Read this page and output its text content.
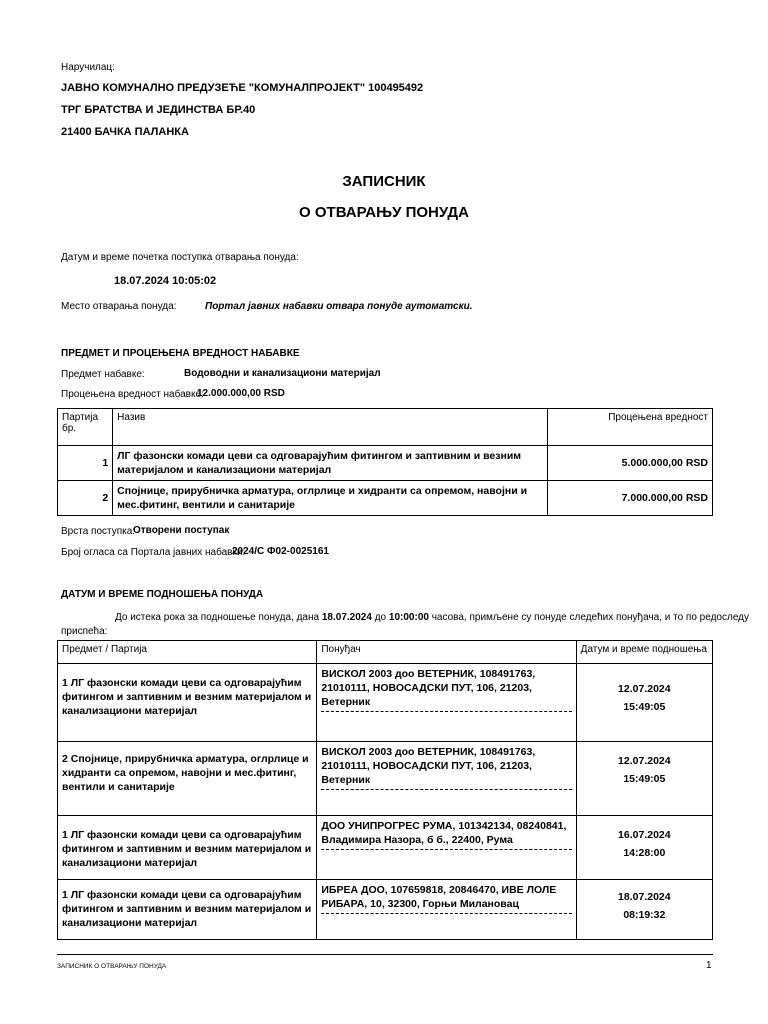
Наручилац:
ЈАВНО КОМУНАЛНО ПРЕДУЗЕЋЕ "КОМУНАЛПРОЈЕКТ" 100495492
ТРГ БРАТСТВА И ЈЕДИНСТВА БР.40
21400 БАЧКА ПАЛАНКА
ЗАПИСНИК
О ОТВАРАЊУ ПОНУДА
Датум и време почетка поступка отварања понуда:
18.07.2024 10:05:02
Место отварања понуда:	Портал јавних набавки отвара понуде аутоматски.
ПРЕДМЕТ И ПРОЦЕЊЕНА ВРЕДНОСТ НАБАВКЕ
Предмет набавке:	Водоводни и канализациони материјал
Процењена вредност набавке:
12.000.000,00 RSD
Партија бр.	Назив	Процењена вредност
1	ЛГ фазонски комади цеви са одговарајућим фитингом и заптивним и везним материјалом и канализациони материјал	5.000.000,00 RSD
2	Спојнице, прирубничка арматура, оглрлице и хидранти са опремом, навојни и мес.фитинг, вентили и санитарије	7.000.000,00 RSD
Врста поступка:
Отворени поступак
Број огласа са Портала јавних набавки:
2024/С Ф02-0025161
ДАТУМ И ВРЕМЕ ПОДНОШЕЊА ПОНУДА
До истека рока за подношење понуда, дана 18.07.2024 до 10:00:00 часова, примљене су понуде следећих понуђача, и то по редоследу
приспећа:
Предмет / Партија	Понуђач	Датум и време подношења
1 ЛГ фазонски комади цеви са одговарајућим фитингом и заптивним и везним материјалом и канализациони материјал	ВИСКОЛ 2003 доо ВЕТЕРНИК, 108491763, 21010111, НОВОСАДСКИ ПУТ, 106, 21203, Ветерник	12.07.2024
15:49:05

2 Спојнице, прирубничка арматура, оглрлице и хидранти са опремом, навојни и мес.фитинг, вентили и санитарије	ВИСКОЛ 2003 доо ВЕТЕРНИК, 108491763, 21010111, НОВОСАДСКИ ПУТ, 106, 21203, Ветерник	12.07.2024
15:49:05

1 ЛГ фазонски комади цеви са одговарајућим фитингом и заптивним и везним материјалом и канализациони материјал	ДОО УНИПРОГРЕС РУМА, 101342134, 08240841, Владимира Назора, б б., 22400, Рума	16.07.2024
14:28:00

1 ЛГ фазонски комади цеви са одговарајућим фитингом и заптивним и везним материјалом и канализациони материјал	ИБРЕА ДОО, 107659818, 20846470, ИВЕ ЛОЛЕ РИБАРА, 10, 32300, Горњи Милановац	18.07.2024
08:19:32
ЗАПИСНИК О ОТВАРАЊУ ПОНУДА	1
